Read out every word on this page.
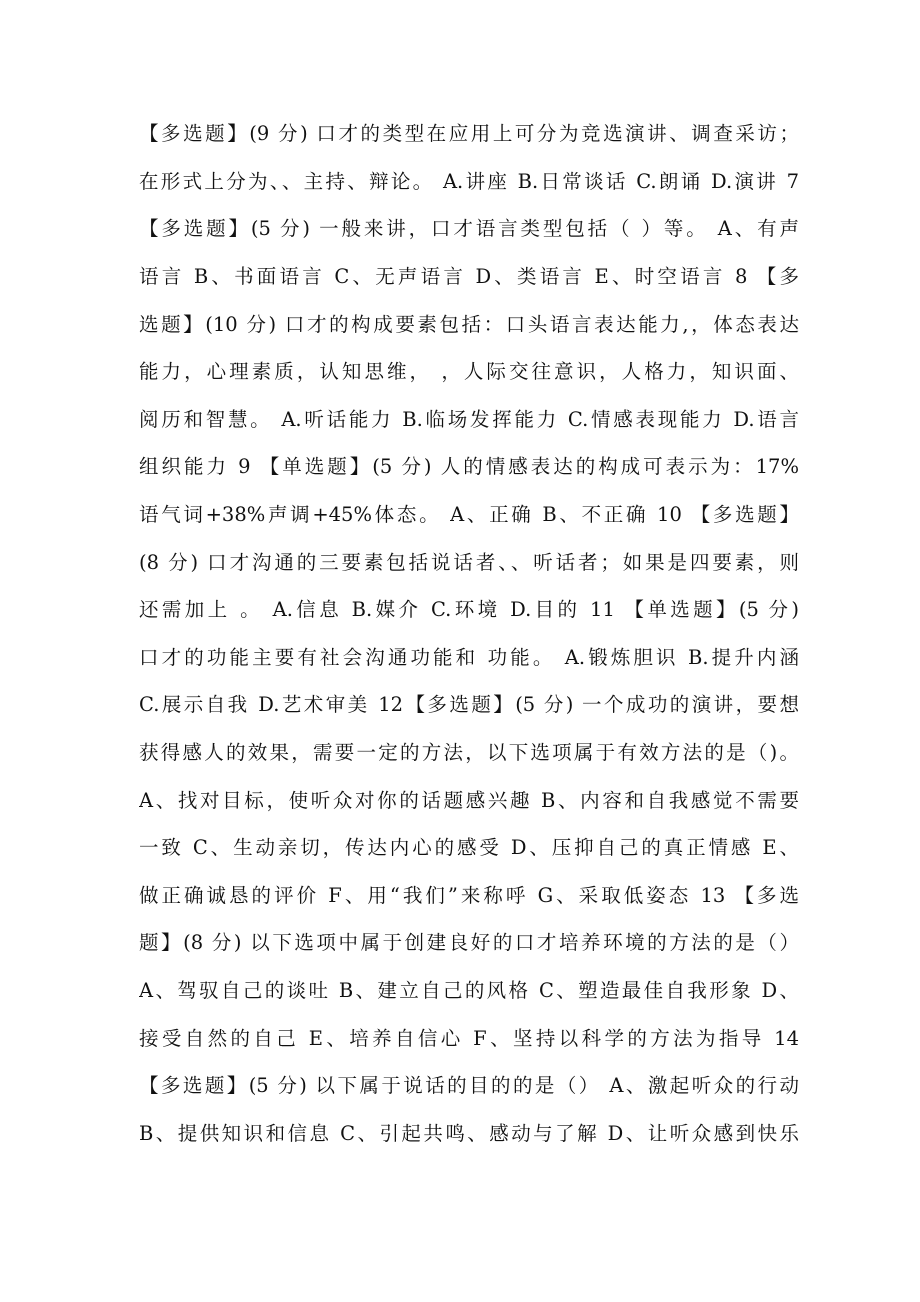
【多选题】(9 分) 口才的类型在应用上可分为竞选演讲、调查采访；
在形式上分为、、主持、辩论。 A.讲座 B.日常谈话 C.朗诵 D.演讲 7
【多选题】(5 分) 一般来讲，口才语言类型包括（ ）等。 A、有声
语言 B、书面语言 C、无声语言 D、类语言 E、时空语言 8 【多
选题】(10 分) 口才的构成要素包括：口头语言表达能力,，体态表达
能力，心理素质，认知思维， ，人际交往意识，人格力，知识面、
阅历和智慧。 A.听话能力 B.临场发挥能力 C.情感表现能力 D.语言
组织能力 9 【单选题】(5 分) 人的情感表达的构成可表示为：17%
语气词+38%声调+45%体态。 A、正确 B、不正确 10 【多选题】
(8 分) 口才沟通的三要素包括说话者、、听话者；如果是四要素，则
还需加上 。 A.信息 B.媒介 C.环境 D.目的 11 【单选题】(5 分)
口才的功能主要有社会沟通功能和 功能。 A.锻炼胆识 B.提升内涵
C.展示自我 D.艺术审美 12【多选题】(5 分) 一个成功的演讲，要想
获得感人的效果，需要一定的方法，以下选项属于有效方法的是（)。
A、找对目标，使听众对你的话题感兴趣 B、内容和自我感觉不需要
一致 C、生动亲切，传达内心的感受 D、压抑自己的真正情感 E、
做正确诚恳的评价 F、用“我们”来称呼 G、采取低姿态 13 【多选
题】(8 分) 以下选项中属于创建良好的口才培养环境的方法的是（）
A、驾驭自己的谈吐 B、建立自己的风格 C、塑造最佳自我形象 D、
接受自然的自己 E、培养自信心 F、坚持以科学的方法为指导 14
【多选题】(5 分) 以下属于说话的目的的是（） A、激起听众的行动
B、提供知识和信息 C、引起共鸣、感动与了解 D、让听众感到快乐
